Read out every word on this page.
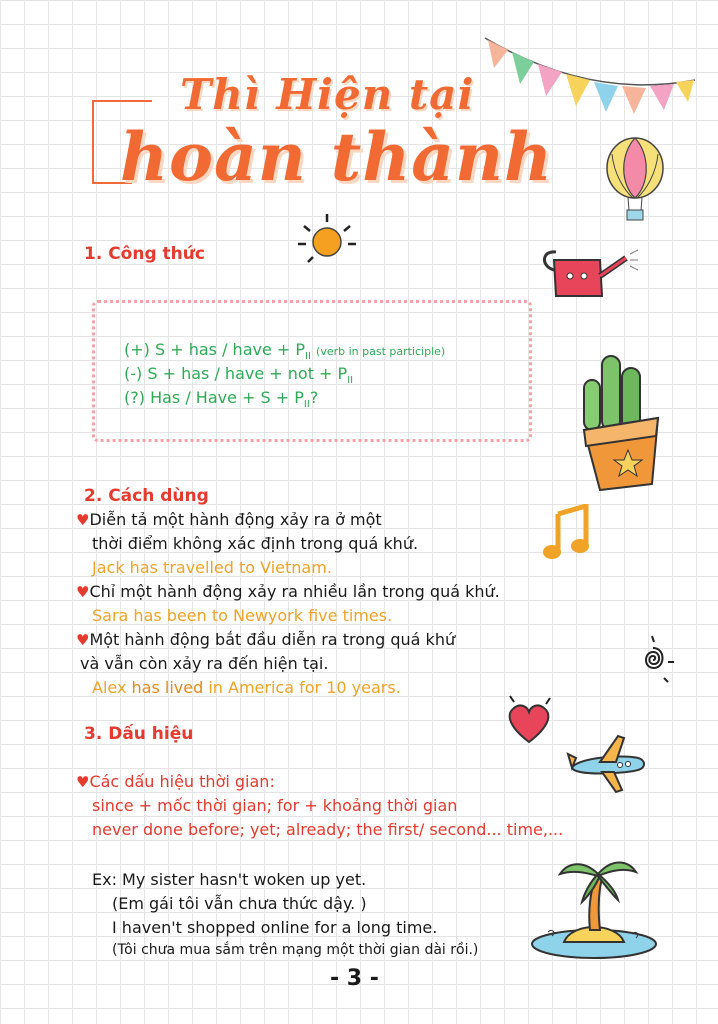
Thì Hiện tại
hoàn thành
1. Công thức
(+) S + has / have + $P_{II}$ (verb in past participle)
(-) S + has / have + not + $P_{II}$
(?) Has / Have + $S + P_{II}$?
2. Cách dùng
♥Diễn tả một hành động xảy ra ở một
thời điểm không xác định trong quá khứ.
Jack has travelled to Vietnam.
♥Chỉ một hành động xảy ra nhiều lần trong quá khứ.
Sara has been to Newyork five times.
♥Một hành động bắt đầu diễn ra trong quá khứ
và vẫn còn xảy ra đến hiện tại.
Alex has lived in America for 10 years.
3. Dấu hiệu
♥Các dấu hiệu thời gian:
since + mốc thời gian; for + khoảng thời gian
never done before; yet; already; the first/ second... time,...
Ex: My sister hasn't woken up yet.
(Em gái tôi vẫn chưa thức dậy. )
I haven't shopped online for a long time.
(Tôi chưa mua sắm trên mạng một thời gian dài rồi.)
- 3 -
